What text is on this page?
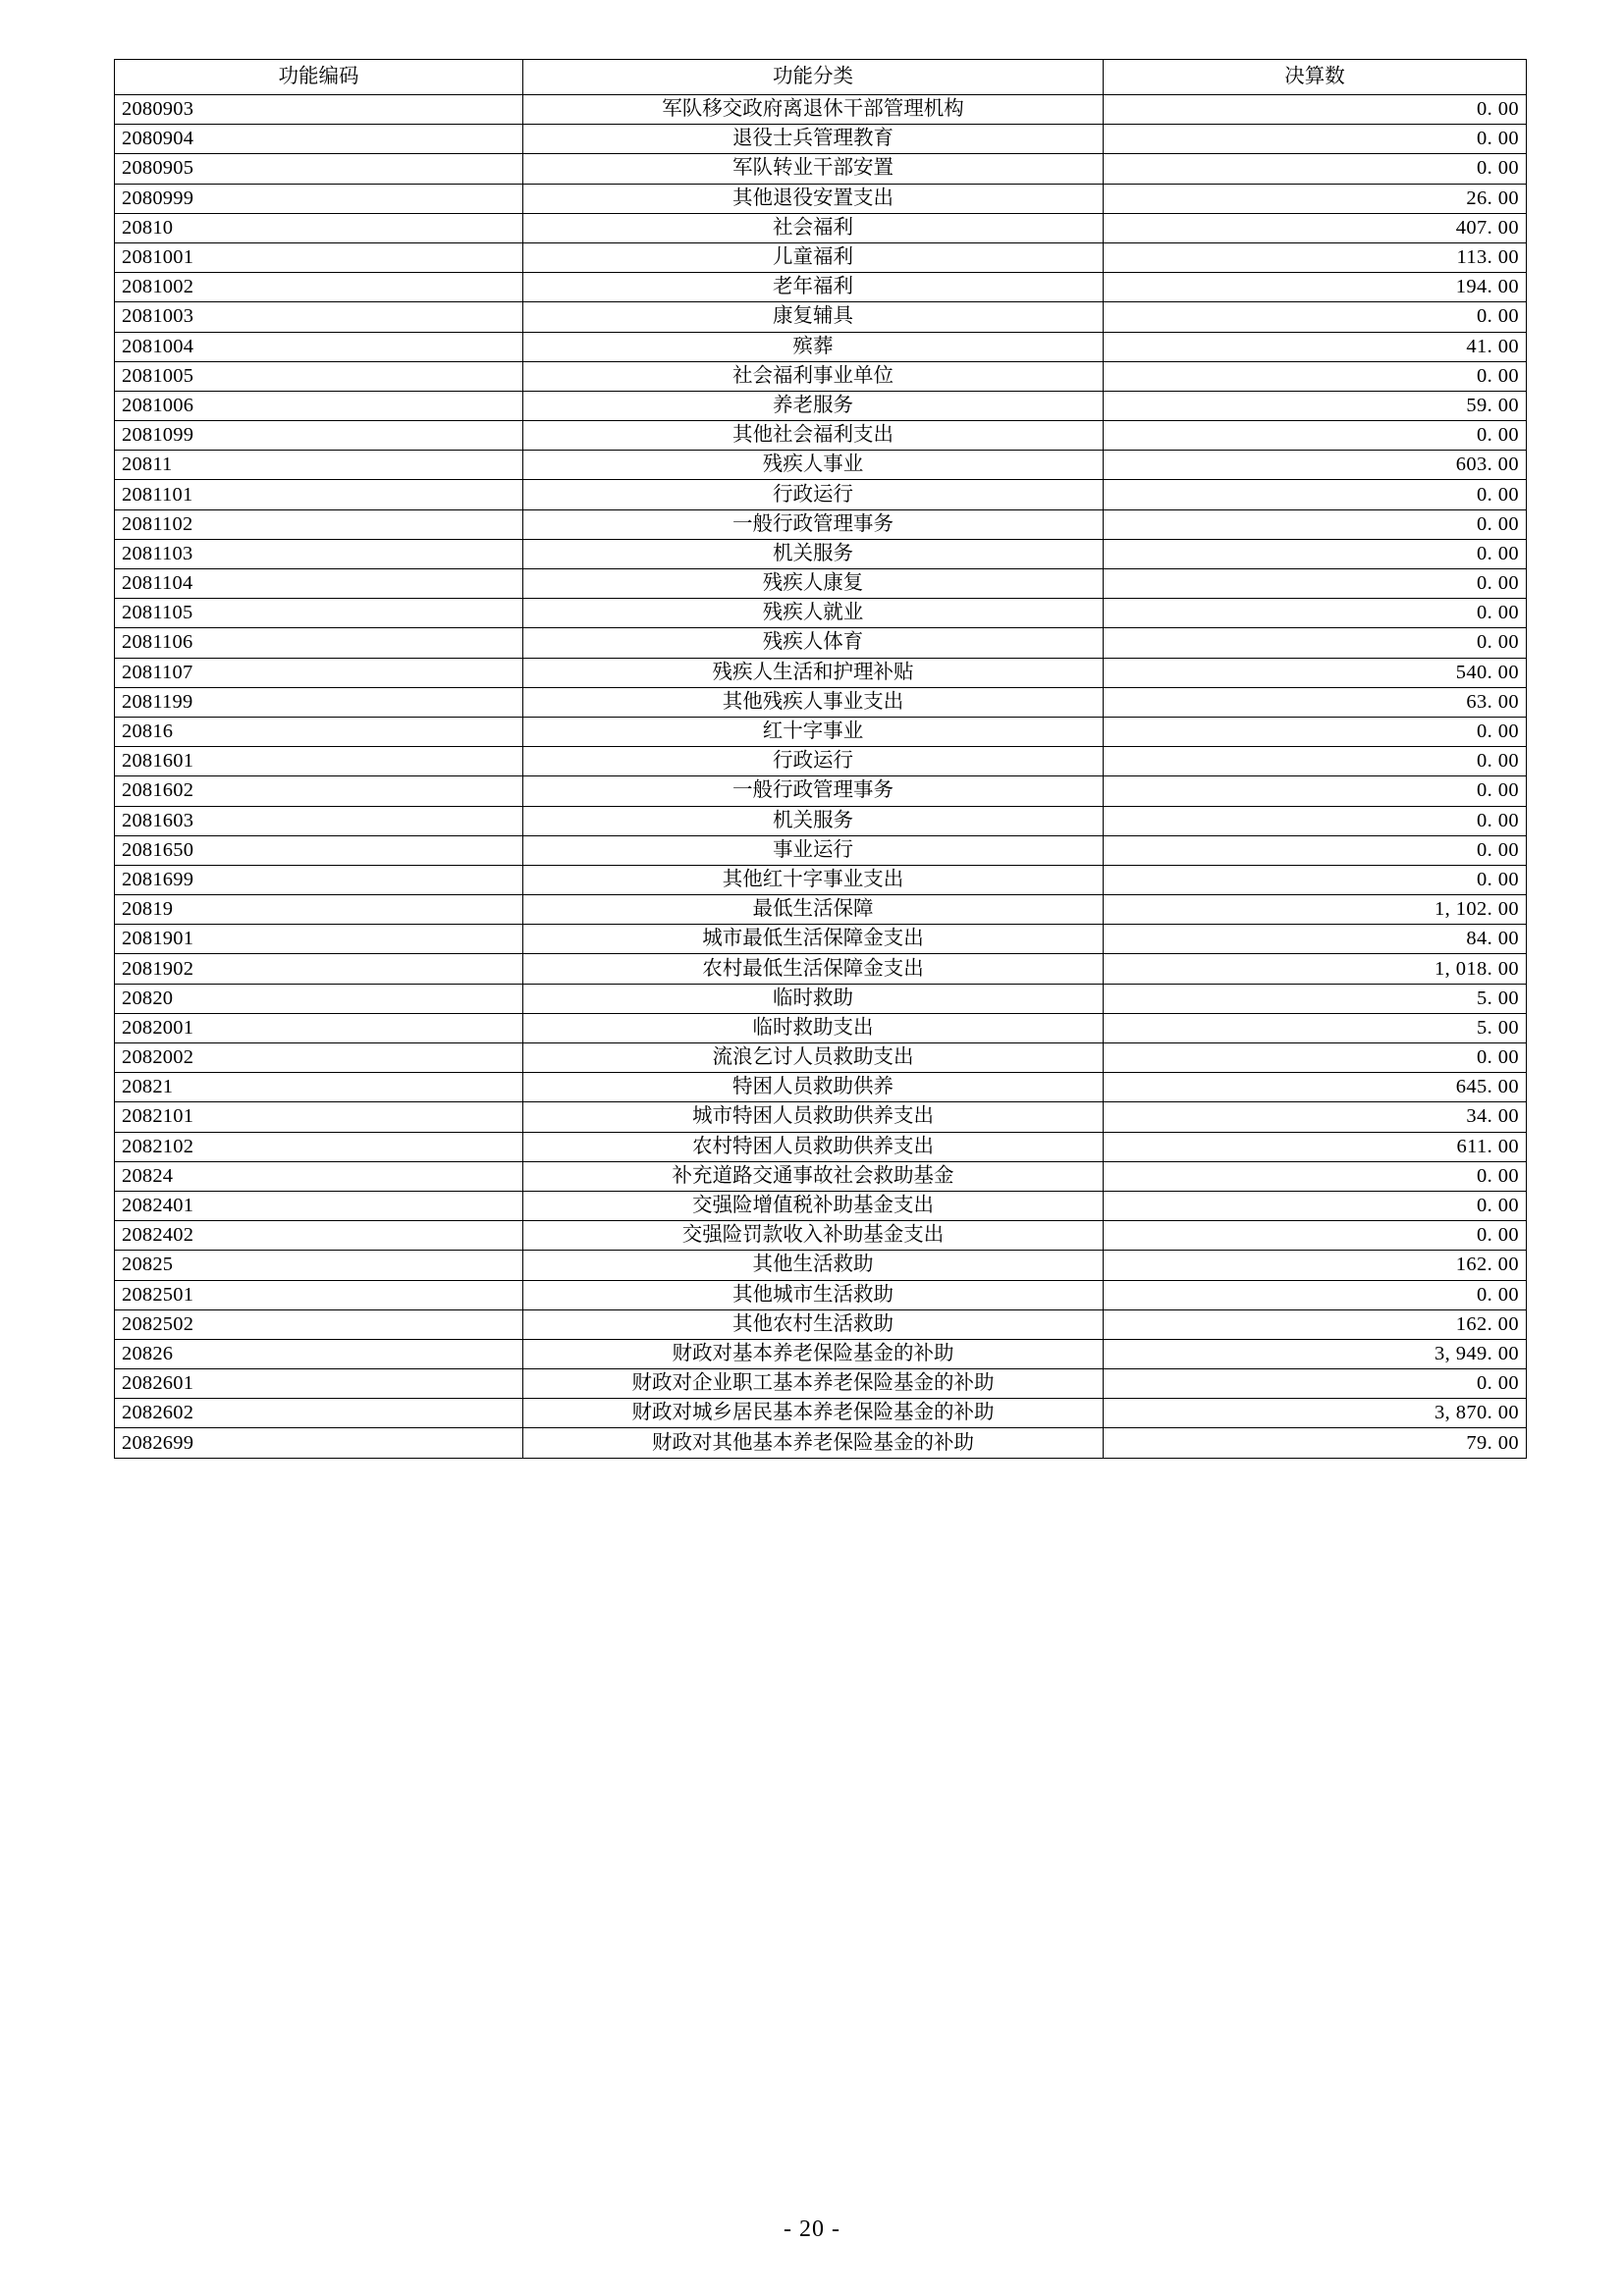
功能编码	功能分类	决算数
2080903	军队移交政府离退休干部管理机构	0. 00
2080904	退役士兵管理教育	0. 00
2080905	军队转业干部安置	0. 00
2080999	其他退役安置支出	26. 00
20810	社会福利	407. 00
2081001	儿童福利	113. 00
2081002	老年福利	194. 00
2081003	康复辅具	0. 00
2081004	殡葬	41. 00
2081005	社会福利事业单位	0. 00
2081006	养老服务	59. 00
2081099	其他社会福利支出	0. 00
20811	残疾人事业	603. 00
2081101	行政运行	0. 00
2081102	一般行政管理事务	0. 00
2081103	机关服务	0. 00
2081104	残疾人康复	0. 00
2081105	残疾人就业	0. 00
2081106	残疾人体育	0. 00
2081107	残疾人生活和护理补贴	540. 00
2081199	其他残疾人事业支出	63. 00
20816	红十字事业	0. 00
2081601	行政运行	0. 00
2081602	一般行政管理事务	0. 00
2081603	机关服务	0. 00
2081650	事业运行	0. 00
2081699	其他红十字事业支出	0. 00
20819	最低生活保障	1, 102. 00
2081901	城市最低生活保障金支出	84. 00
2081902	农村最低生活保障金支出	1, 018. 00
20820	临时救助	5. 00
2082001	临时救助支出	5. 00
2082002	流浪乞讨人员救助支出	0. 00
20821	特困人员救助供养	645. 00
2082101	城市特困人员救助供养支出	34. 00
2082102	农村特困人员救助供养支出	611. 00
20824	补充道路交通事故社会救助基金	0. 00
2082401	交强险增值税补助基金支出	0. 00
2082402	交强险罚款收入补助基金支出	0. 00
20825	其他生活救助	162. 00
2082501	其他城市生活救助	0. 00
2082502	其他农村生活救助	162. 00
20826	财政对基本养老保险基金的补助	3, 949. 00
2082601	财政对企业职工基本养老保险基金的补助	0. 00
2082602	财政对城乡居民基本养老保险基金的补助	3, 870. 00
2082699	财政对其他基本养老保险基金的补助	79. 00
- 20 -
